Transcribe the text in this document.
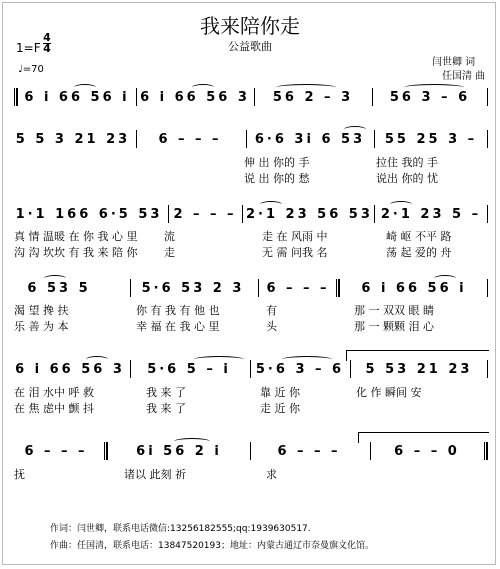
我来陪你走
公益歌曲
1=F
4
4
♩=70
闫世卿 词
任国清 曲
6 i 66 56 i 6 i 66 56 3	56 2 – 3	56 3 – 6
5 5 3 21 23	6 – – –	6·6 3i 6 53	55 25 3 –
伸 出 你的 手	拉住 我的 手
说 出 你的 愁	说出 你的 忧
1·1 166 6·5 53 2 – – – 2·1 23 56 53 2·1 23 5 –
真 情 温暖 在 你 我 心 里 流	走 在 风雨 中	崎 岖 不平 路
沟 沟 坎坎 有 我 来 陪 你 走	无 需 问我 名	荡 起 爱的 舟
6 53 5	5·6 53 2 3	6 – – –	6 i 66 56 i
渴 望 搀 扶	你 有 我 有 他 也	有	那 一 双双 眼 睛
乐 善 为 本	幸 福 在 我 心 里	头	那 一 颗颗 泪 心
6 i 66 56 3	5·6 5 – i	5·6 3 – 6	5 53 21 23
在 泪 水中 呼 救	我 来 了	靠 近 你	化 作 瞬间 安
在 焦 虑中 颤 抖	我 来 了	走 近 你
6 – – –	6i 56 2 i	6 – – –	6 – – 0
抚	诸以 此刻 祈	求
作词：闫世卿，联系电话微信:13256182555;qq:1939630517.
作曲：任国清，联系电话：13847520193；地址：内蒙古通辽市奈曼旗文化馆。
